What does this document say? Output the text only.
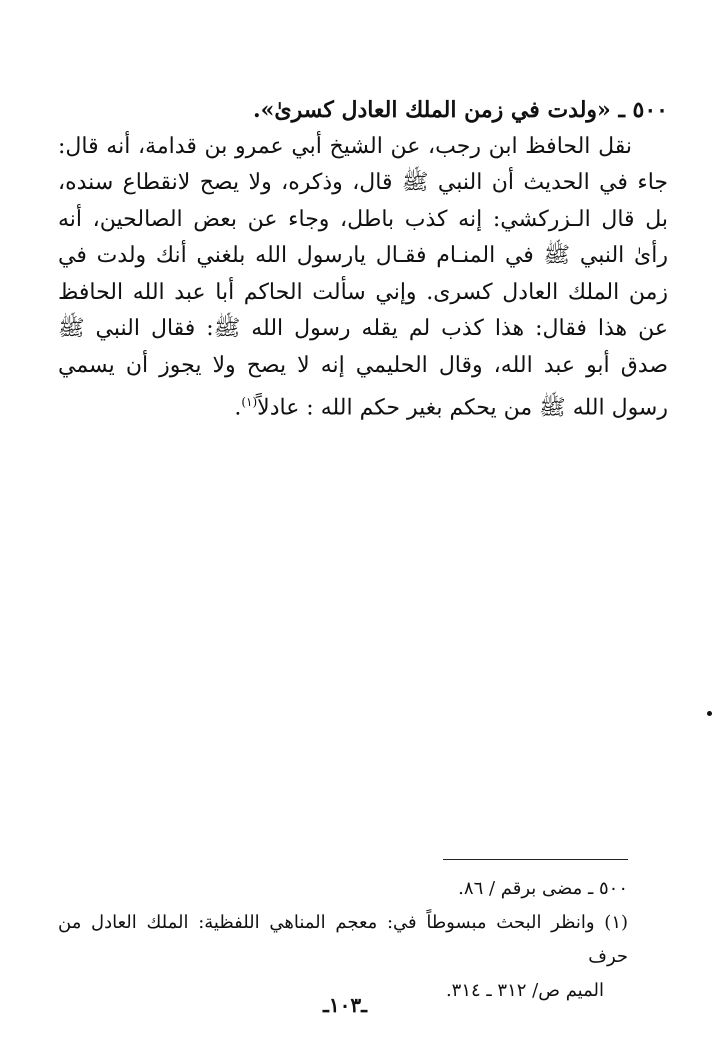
٥٠٠ ـ «ولدت في زمن الملك العادل كسرىٰ».
نقل الحافظ ابن رجب، عن الشيخ أبي عمرو بن قدامة، أنه قال: جاء في الحديث أن النبي ﷺ قال، وذكره، ولا يصح لانقطاع سنده، بل قال الـزركشي: إنه كذب باطل، وجاء عن بعض الصالحين، أنه رأىٰ النبي ﷺ في المنـام فقـال يارسول الله بلغني أنك ولدت في زمن الملك العادل كسرى. وإني سألت الحاكم أبا عبد الله الحافظ عن هذا فقال: هذا كذب لم يقله رسول الله ﷺ: فقال النبي ﷺ صدق أبو عبد الله، وقال الحليمي إنه لا يصح ولا يجوز أن يسمي رسول الله ﷺ من يحكم بغير حكم الله : عادلاً$^{(١)}$.
٥٠٠ ـ مضى برقم / ٨٦.
(١) وانظر البحث مبسوطاً في: معجم المناهي اللفظية: الملك العادل من حرف
الميم ص/ ٣١٢ ـ ٣١٤.
ـ١٠٣ـ
